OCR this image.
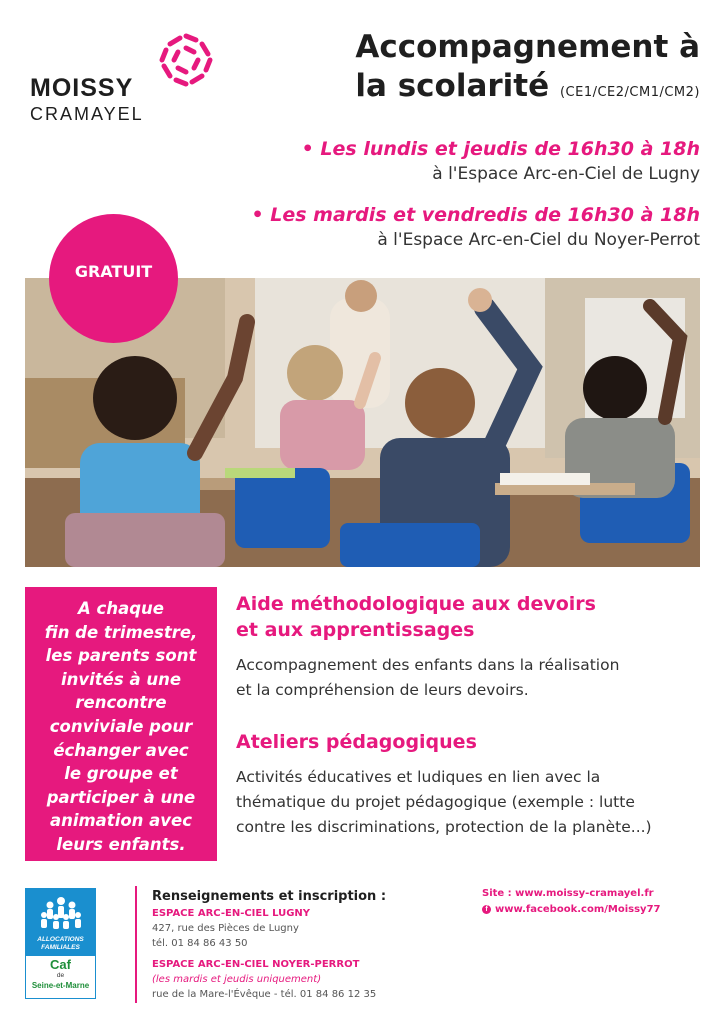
MOISSY
CRAMAYEL
Accompagnement à
la scolarité (CE1/CE2/CM1/CM2)
• Les lundis et jeudis de 16h30 à 18h
à l'Espace Arc-en-Ciel de Lugny
• Les mardis et vendredis de 16h30 à 18h
à l'Espace Arc-en-Ciel du Noyer-Perrot
GRATUIT
A chaque
fin de trimestre,
les parents sont
invités à une
rencontre
conviviale pour
échanger avec
le groupe et
participer à une
animation avec
leurs enfants.
Aide méthodologique aux devoirs
et aux apprentissages
Accompagnement des enfants dans la réalisation
et la compréhension de leurs devoirs.
Ateliers pédagogiques
Activités éducatives et ludiques en lien avec la
thématique du projet pédagogique (exemple : lutte
contre les discriminations, protection de la planète...)
ALLOCATIONS
FAMILIALES
Caf
de
Seine-et-Marne
Renseignements et inscription :
ESPACE ARC-EN-CIEL LUGNY
427, rue des Pièces de Lugny
tél. 01 84 86 43 50
ESPACE ARC-EN-CIEL NOYER-PERROT
(les mardis et jeudis uniquement)
rue de la Mare-l'Évêque - tél. 01 84 86 12 35
Site : www.moissy-cramayel.fr
f www.facebook.com/Moissy77
